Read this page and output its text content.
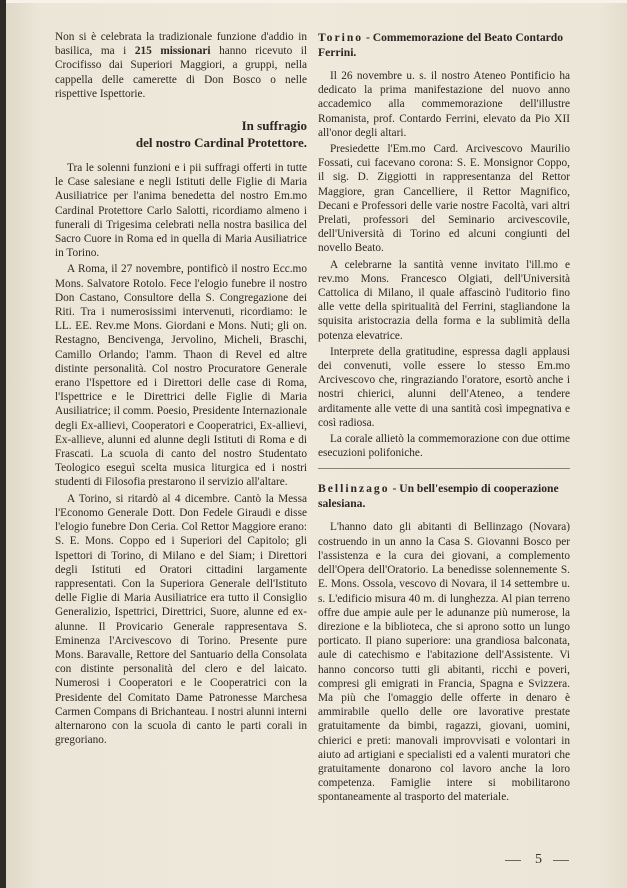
Non si è celebrata la tradizionale funzione d'addio in basilica, ma i 215 missionari hanno ricevuto il Crocifisso dai Superiori Maggiori, a gruppi, nella cappella delle camerette di Don Bosco o nelle rispettive Ispettorie.

In suffragio
del nostro Cardinal Protettore.

Tra le solenni funzioni e i pii suffragi offerti in tutte le Case salesiane e negli Istituti delle Figlie di Maria Ausiliatrice per l'anima benedetta del nostro Em.mo Cardinal Protettore Carlo Salotti, ricordiamo almeno i funerali di Trigesima celebrati nella nostra basilica del Sacro Cuore in Roma ed in quella di Maria Ausiliatrice in Torino.

A Roma, il 27 novembre, pontificò il nostro Ecc.mo Mons. Salvatore Rotolo. Fece l'elogio funebre il nostro Don Castano, Consultore della S. Congregazione dei Riti. Tra i numerosissimi intervenuti, ricordiamo: le LL. EE. Rev.me Mons. Giordani e Mons. Nuti; gli on. Restagno, Bencivenga, Jervolino, Micheli, Braschi, Camillo Orlando; l'amm. Thaon di Revel ed altre distinte personalità. Col nostro Procuratore Generale erano l'Ispettore ed i Direttori delle case di Roma, l'Ispettrice e le Direttrici delle Figlie di Maria Ausiliatrice; il comm. Poesio, Presidente Internazionale degli Ex-allievi, Cooperatori e Cooperatrici, Ex-allievi, Ex-allieve, alunni ed alunne degli Istituti di Roma e di Frascati. La scuola di canto del nostro Studentato Teologico eseguì scelta musica liturgica ed i nostri studenti di Filosofia prestarono il servizio all'altare.

A Torino, si ritardò al 4 dicembre. Cantò la Messa l'Economo Generale Dott. Don Fedele Giraudi e disse l'elogio funebre Don Ceria. Col Rettor Maggiore erano: S. E. Mons. Coppo ed i Superiori del Capitolo; gli Ispettori di Torino, di Milano e del Siam; i Direttori degli Istituti ed Oratori cittadini largamente rappresentati. Con la Superiora Generale dell'Istituto delle Figlie di Maria Ausiliatrice era tutto il Consiglio Generalizio, Ispettrici, Direttrici, Suore, alunne ed ex-alunne. Il Provicario Generale rappresentava S. Eminenza l'Arcivescovo di Torino. Presente pure Mons. Baravalle, Rettore del Santuario della Consolata con distinte personalità del clero e del laicato. Numerosi i Cooperatori e le Cooperatrici con la Presidente del Comitato Dame Patronesse Marchesa Carmen Compans di Brichanteau. I nostri alunni interni alternarono con la scuola di canto le parti corali in gregoriano.

Torino - Commemorazione del Beato Contardo Ferrini.

Il 26 novembre u. s. il nostro Ateneo Pontificio ha dedicato la prima manifestazione del nuovo anno accademico alla commemorazione dell'illustre Romanista, prof. Contardo Ferrini, elevato da Pio XII all'onor degli altari.

Presiedette l'Em.mo Card. Arcivescovo Maurilio Fossati, cui facevano corona: S. E. Monsignor Coppo, il sig. D. Ziggiotti in rappresentanza del Rettor Maggiore, gran Cancelliere, il Rettor Magnifico, Decani e Professori delle varie nostre Facoltà, vari altri Prelati, professori del Seminario arcivescovile, dell'Università di Torino ed alcuni congiunti del novello Beato.

A celebrarne la santità venne invitato l'ill.mo e rev.mo Mons. Francesco Olgiati, dell'Università Cattolica di Milano, il quale affascinò l'uditorio fino alle vette della spiritualità del Ferrini, stagliandone la squisita aristocrazia della forma e la sublimità della potenza elevatrice.

Interprete della gratitudine, espressa dagli applausi dei convenuti, volle essere lo stesso Em.mo Arcivescovo che, ringraziando l'oratore, esortò anche i nostri chierici, alunni dell'Ateneo, a tendere arditamente alle vette di una santità così impegnativa e così radiosa.

La corale allietò la commemorazione con due ottime esecuzioni polifoniche.

Bellinzago - Un bell'esempio di cooperazione salesiana.

L'hanno dato gli abitanti di Bellinzago (Novara) costruendo in un anno la Casa S. Giovanni Bosco per l'assistenza e la cura dei giovani, a complemento dell'Opera dell'Oratorio. La benedisse solennemente S. E. Mons. Ossola, vescovo di Novara, il 14 settembre u. s. L'edificio misura 40 m. di lunghezza. Al pian terreno offre due ampie aule per le adunanze più numerose, la direzione e la biblioteca, che si aprono sotto un lungo porticato. Il piano superiore: una grandiosa balconata, aule di catechismo e l'abitazione dell'Assistente. Vi hanno concorso tutti gli abitanti, ricchi e poveri, compresi gli emigrati in Francia, Spagna e Svizzera. Ma più che l'omaggio delle offerte in denaro è ammirabile quello delle ore lavorative prestate gratuitamente da bimbi, ragazzi, giovani, uomini, chierici e preti: manovali improvvisati e volontari in aiuto ad artigiani e specialisti ed a valenti muratori che gratuitamente donarono col lavoro anche la loro competenza. Famiglie intere si mobilitarono spontaneamente al trasporto del materiale.

5
